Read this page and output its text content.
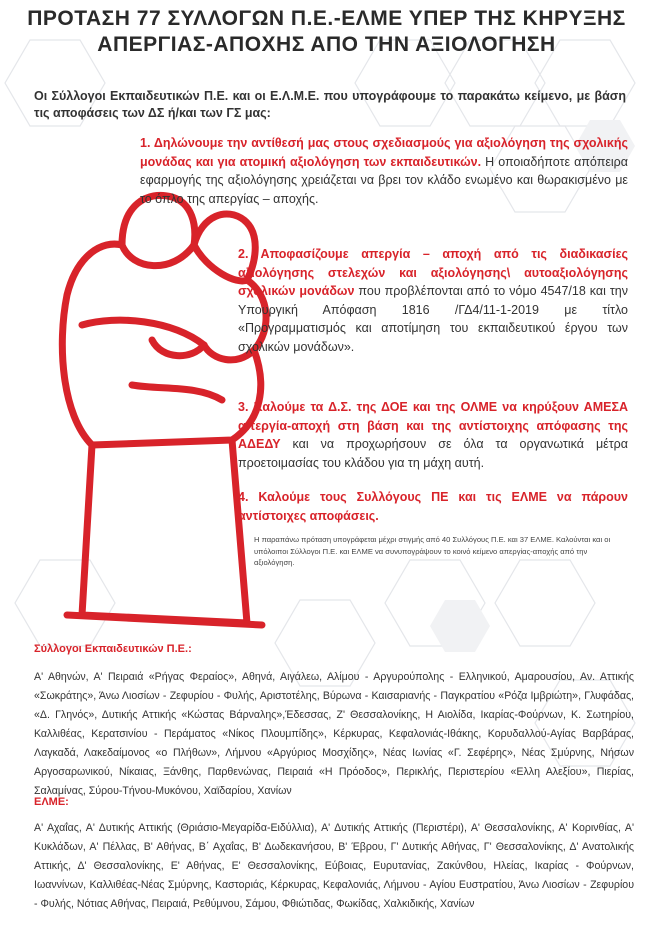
ΠΡΟΤΑΣΗ 77 ΣΥΛΛΟΓΩΝ Π.Ε.-ΕΛΜΕ ΥΠΕΡ ΤΗΣ ΚΗΡΥΞΗΣ
ΑΠΕΡΓΙΑΣ-ΑΠΟΧΗΣ ΑΠΟ ΤΗΝ ΑΞΙΟΛΟΓΗΣΗ
Οι Σύλλογοι Εκπαιδευτικών Π.Ε. και οι Ε.Λ.Μ.Ε. που υπογράφουμε το παρακάτω κείμενο, με βάση τις αποφάσεις των ΔΣ ή/και των ΓΣ μας:
1. Δηλώνουμε την αντίθεσή μας στους σχεδιασμούς για αξιολόγηση της σχολικής μονάδας και για ατομική αξιολόγηση των εκπαιδευτικών. Η οποιαδήποτε απόπειρα εφαρμογής της αξιολόγησης χρειάζεται να βρει τον κλάδο ενωμένο και θωρακισμένο με το όπλο της απεργίας – αποχής.
2. Αποφασίζουμε απεργία – αποχή από τις διαδικασίες αξιολόγησης στελεχών και αξιολόγησης\ αυτοαξιολόγησης σχολικών μονάδων που προβλέπονται από το νόμο 4547/18 και την Υπουργική Απόφαση 1816 /ΓΔ4/11-1-2019 με τίτλο «Προγραμματισμός και αποτίμηση του εκπαιδευτικού έργου των σχολικών μονάδων».
3. Καλούμε τα Δ.Σ. της ΔΟΕ και της ΟΛΜΕ να κηρύξουν ΑΜΕΣΑ απεργία-αποχή στη βάση και της αντίστοιχης απόφασης της ΑΔΕΔΥ και να προχωρήσουν σε όλα τα οργανωτικά μέτρα προετοιμασίας του κλάδου για τη μάχη αυτή.
4. Καλούμε τους Συλλόγους ΠΕ και τις ΕΛΜΕ να πάρουν αντίστοιχες αποφάσεις.
Η παραπάνω πρόταση υπογράφεται μέχρι στιγμής από 40 Συλλόγους Π.Ε. και 37 ΕΛΜΕ. Καλούνται και οι υπόλοιποι Σύλλογοι Π.Ε. και ΕΛΜΕ να συνυπογράψουν το κοινό κείμενο απεργίας-αποχής από την αξιολόγηση.
Σύλλογοι Εκπαιδευτικών Π.Ε.:
Α' Αθηνών, Α' Πειραιά «Ρήγας Φεραίος», Αθηνά, Αιγάλεω, Αλίμου - Αργυρούπολης - Ελληνικού, Αμαρουσίου, Αν. Αττικής «Σωκράτης», Άνω Λιοσίων - Ζεφυρίου - Φυλής, Αριστοτέλης, Βύρωνα - Καισαριανής - Παγκρατίου «Ρόζα Ιμβριώτη», Γλυφάδας, «Δ. Γληνός», Δυτικής Αττικής «Κώστας Βάρναλης»,Έδεσσας, Ζ' Θεσσαλονίκης, Η Αιολίδα, Ικαρίας-Φούρνων, Κ. Σωτηρίου, Καλλιθέας, Κερατσινίου - Περάματος «Νίκος Πλουμπίδης», Κέρκυρας, Κεφαλονιάς-Ιθάκης, Κορυδαλλού-Αγίας Βαρβάρας, Λαγκαδά, Λακεδαίμονος «ο Πλήθων», Λήμνου «Αργύριος Μοσχίδης», Νέας Ιωνίας «Γ. Σεφέρης», Νέας Σμύρνης, Νήσων Αργοσαρωνικού, Νίκαιας, Ξάνθης, Παρθενώνας, Πειραιά «Η Πρόοδος», Περικλής, Περιστερίου «Ελλη Αλεξίου», Πιερίας, Σαλαμίνας, Σύρου-Τήνου-Μυκόνου, Χαϊδαρίου, Χανίων
ΕΛΜΕ:
Α' Αχαΐας, Α' Δυτικής Αττικής (Θριάσιο-Μεγαρίδα-Ειδύλλια), Α' Δυτικής Αττικής (Περιστέρι), Α' Θεσσαλονίκης, Α' Κορινθίας, Α' Κυκλάδων, Α' Πέλλας, Β' Αθήνας, Β΄ Αχαΐας, Β' Δωδεκανήσου, Β' Έβρου, Γ' Δυτικής Αθήνας, Γ' Θεσσαλονίκης, Δ' Ανατολικής Αττικής, Δ' Θεσσαλονίκης, Ε' Αθήνας, Ε' Θεσσαλονίκης, Εύβοιας, Ευρυτανίας, Ζακύνθου, Ηλείας, Ικαρίας - Φούρνων, Ιωαννίνων, Καλλιθέας-Νέας Σμύρνης, Καστοριάς, Κέρκυρας, Κεφαλονιάς, Λήμνου - Αγίου Ευστρατίου, Άνω Λιοσίων - Ζεφυρίου - Φυλής, Νότιας Αθήνας, Πειραιά, Ρεθύμνου, Σάμου, Φθιώτιδας, Φωκίδας, Χαλκιδικής, Χανίων
